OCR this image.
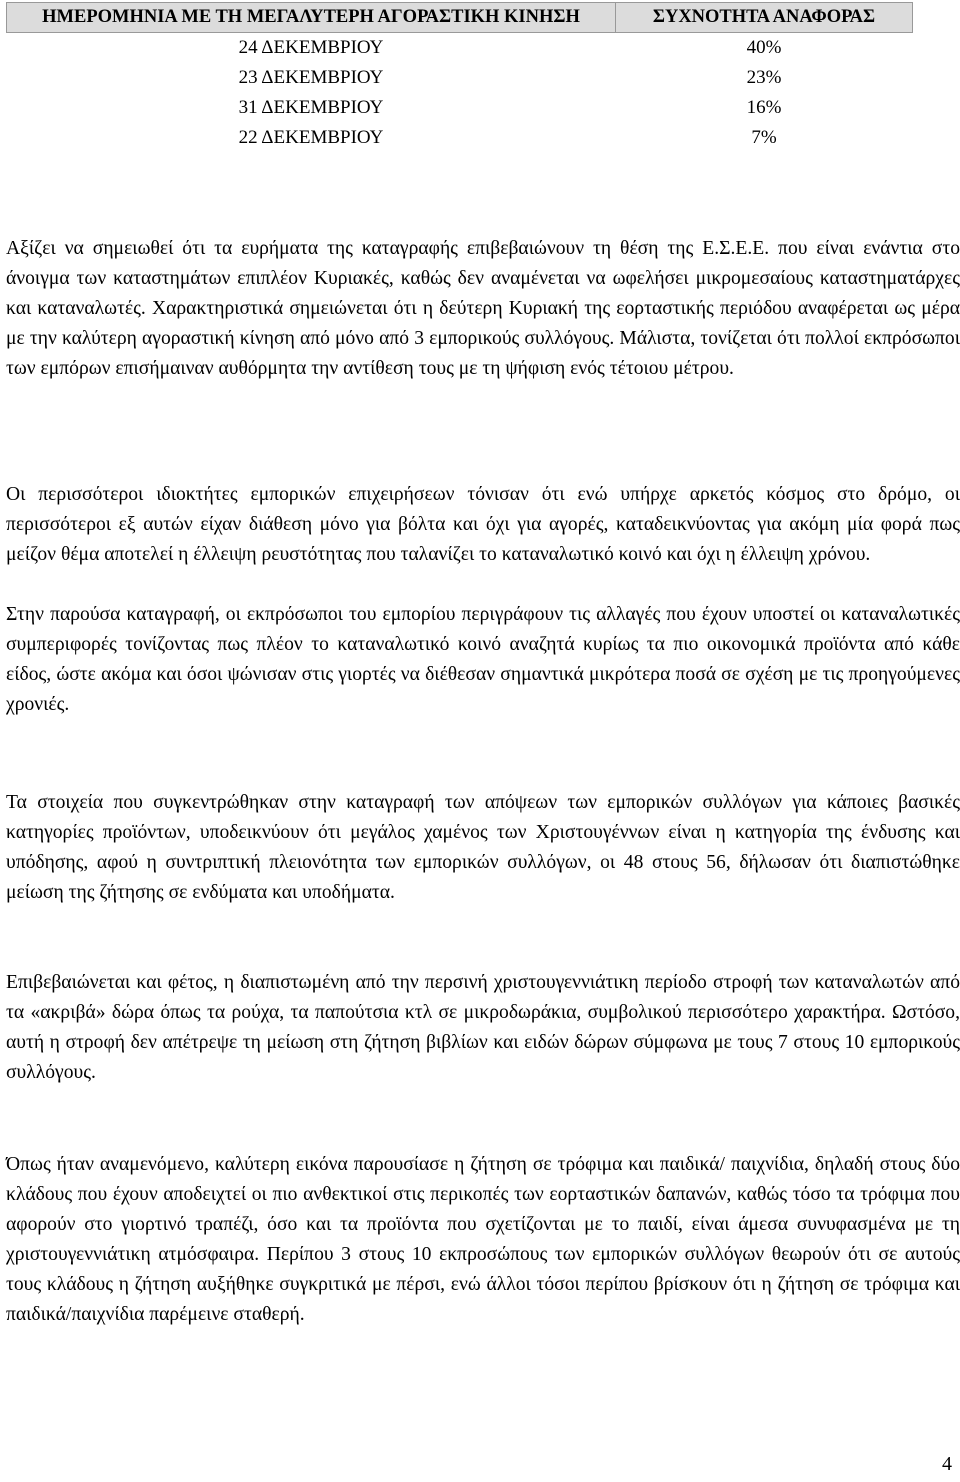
ΗΜΕΡΟΜΗΝΙΑ ΜΕ ΤΗ ΜΕΓΑΛΥΤΕΡΗ ΑΓΟΡΑΣΤΙΚΗ ΚΙΝΗΣΗ	ΣΥΧΝΟΤΗΤΑ ΑΝΑΦΟΡΑΣ
24 ΔΕΚΕΜΒΡΙΟΥ	40%
23 ΔΕΚΕΜΒΡΙΟΥ	23%
31 ΔΕΚΕΜΒΡΙΟΥ	16%
22 ΔΕΚΕΜΒΡΙΟΥ	7%

Αξίζει να σημειωθεί ότι τα ευρήματα της καταγραφής επιβεβαιώνουν τη θέση της Ε.Σ.Ε.Ε. που είναι ενάντια στο άνοιγμα των καταστημάτων επιπλέον Κυριακές, καθώς δεν αναμένεται να ωφελήσει μικρομεσαίους καταστηματάρχες και καταναλωτές. Χαρακτηριστικά σημειώνεται ότι η δεύτερη Κυριακή της εορταστικής περιόδου αναφέρεται ως μέρα με την καλύτερη αγοραστική κίνηση από μόνο από 3 εμπορικούς συλλόγους. Μάλιστα, τονίζεται ότι πολλοί εκπρόσωποι των εμπόρων επισήμαιναν αυθόρμητα την αντίθεση τους με τη ψήφιση ενός τέτοιου μέτρου.

Οι περισσότεροι ιδιοκτήτες εμπορικών επιχειρήσεων τόνισαν ότι ενώ υπήρχε αρκετός κόσμος στο δρόμο, οι περισσότεροι εξ αυτών είχαν διάθεση μόνο για βόλτα και όχι για αγορές, καταδεικνύοντας για ακόμη μία φορά πως μείζον θέμα αποτελεί η έλλειψη ρευστότητας που ταλανίζει το καταναλωτικό κοινό και όχι η έλλειψη χρόνου.

Στην παρούσα καταγραφή, οι εκπρόσωποι του εμπορίου περιγράφουν τις αλλαγές που έχουν υποστεί οι καταναλωτικές συμπεριφορές τονίζοντας πως πλέον το καταναλωτικό κοινό αναζητά κυρίως τα πιο οικονομικά προϊόντα από κάθε είδος, ώστε ακόμα και όσοι ψώνισαν στις γιορτές να διέθεσαν σημαντικά μικρότερα ποσά σε σχέση με τις προηγούμενες χρονιές.

Τα στοιχεία που συγκεντρώθηκαν στην καταγραφή των απόψεων των εμπορικών συλλόγων για κάποιες βασικές κατηγορίες προϊόντων, υποδεικνύουν ότι μεγάλος χαμένος των Χριστουγέννων είναι η κατηγορία της ένδυσης και υπόδησης, αφού η συντριπτική πλειονότητα των εμπορικών συλλόγων, οι 48 στους 56, δήλωσαν ότι διαπιστώθηκε μείωση της ζήτησης σε ενδύματα και υποδήματα.

Επιβεβαιώνεται και φέτος, η διαπιστωμένη από την περσινή χριστουγεννιάτικη περίοδο στροφή των καταναλωτών από τα «ακριβά» δώρα όπως τα ρούχα, τα παπούτσια κτλ σε μικροδωράκια, συμβολικού περισσότερο χαρακτήρα. Ωστόσο, αυτή η στροφή δεν απέτρεψε τη μείωση στη ζήτηση βιβλίων και ειδών δώρων σύμφωνα με τους 7 στους 10 εμπορικούς συλλόγους.

Όπως ήταν αναμενόμενο, καλύτερη εικόνα παρουσίασε η ζήτηση σε τρόφιμα και παιδικά/ παιχνίδια, δηλαδή στους δύο κλάδους που έχουν αποδειχτεί οι πιο ανθεκτικοί στις περικοπές των εορταστικών δαπανών, καθώς τόσο τα τρόφιμα που αφορούν στο γιορτινό τραπέζι, όσο και τα προϊόντα που σχετίζονται με το παιδί, είναι άμεσα συνυφασμένα με τη χριστουγεννιάτικη ατμόσφαιρα. Περίπου 3 στους 10 εκπροσώπους των εμπορικών συλλόγων θεωρούν ότι σε αυτούς τους κλάδους η ζήτηση αυξήθηκε συγκριτικά με πέρσι, ενώ άλλοι τόσοι περίπου βρίσκουν ότι η ζήτηση σε τρόφιμα και παιδικά/παιχνίδια παρέμεινε σταθερή.

4
